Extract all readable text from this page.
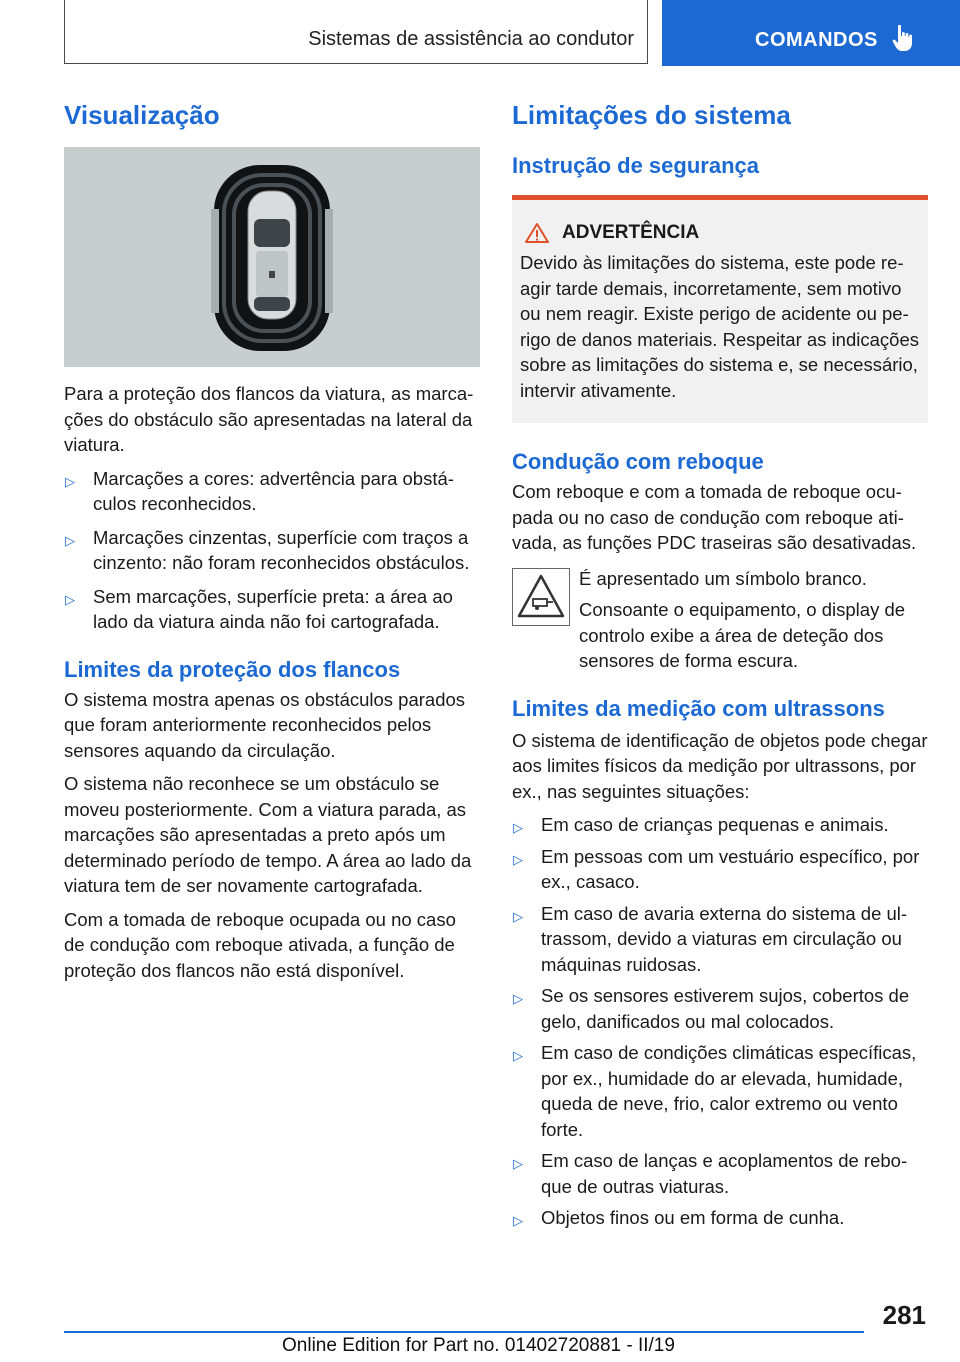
Sistemas de assistência ao condutor	COMANDOS
Visualização

Para a proteção dos flancos da viatura, as marcações do obstáculo são apresentadas na lateral da viatura.

▷ Marcações a cores: advertência para obstáculos reconhecidos.
▷ Marcações cinzentas, superfície com traços a cinzento: não foram reconhecidos obstáculos.
▷ Sem marcações, superfície preta: a área ao lado da viatura ainda não foi cartografada.
Limites da proteção dos flancos

O sistema mostra apenas os obstáculos parados que foram anteriormente reconhecidos pelos sensores aquando da circulação.

O sistema não reconhece se um obstáculo se moveu posteriormente. Com a viatura parada, as marcações são apresentadas a preto após um determinado período de tempo. A área ao lado da viatura tem de ser novamente cartografada.

Com a tomada de reboque ocupada ou no caso de condução com reboque ativada, a função de proteção dos flancos não está disponível.

Limitações do sistema
Instrução de segurança
ADVERTÊNCIA

Devido às limitações do sistema, este pode reagir tarde demais, incorretamente, sem motivo ou nem reagir. Existe perigo de acidente ou perigo de danos materiais. Respeitar as indicações sobre as limitações do sistema e, se necessário, intervir ativamente.

Condução com reboque

Com reboque e com a tomada de reboque ocupada ou no caso de condução com reboque ativada, as funções PDC traseiras são desativadas.

É apresentado um símbolo branco.

Consoante o equipamento, o display de controlo exibe a área de deteção dos sensores de forma escura.

Limites da medição com ultrassons

O sistema de identificação de objetos pode chegar aos limites físicos da medição por ultrassons, por ex., nas seguintes situações:

▷ Em caso de crianças pequenas e animais.
▷ Em pessoas com um vestuário específico, por ex., casaco.
▷ Em caso de avaria externa do sistema de ultrassom, devido a viaturas em circulação ou máquinas ruidosas.
▷ Se os sensores estiverem sujos, cobertos de gelo, danificados ou mal colocados.
▷ Em caso de condições climáticas específicas, por ex., humidade do ar elevada, humidade, queda de neve, frio, calor extremo ou vento forte.
▷ Em caso de lanças e acoplamentos de reboque de outras viaturas.
▷ Objetos finos ou em forma de cunha.
281
Online Edition for Part no. 01402720881 - II/19
